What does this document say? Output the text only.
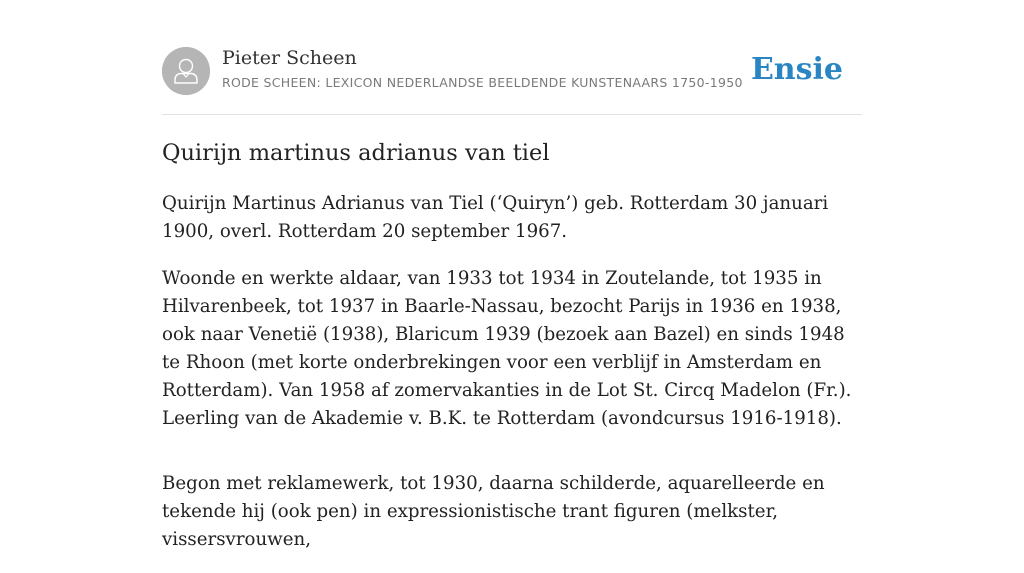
Pieter Scheen
RODE SCHEEN: LEXICON NEDERLANDSE BEELDENDE KUNSTENAARS 1750-1950 Ensie
Quirijn martinus adrianus van tiel

Quirijn Martinus Adrianus van Tiel (‘Quiryn’) geb. Rotterdam 30 januari 1900, overl. Rotterdam 20 september 1967.

Woonde en werkte aldaar, van 1933 tot 1934 in Zoutelande, tot 1935 in Hilvarenbeek, tot 1937 in Baarle-Nassau, bezocht Parijs in 1936 en 1938, ook naar Venetië (1938), Blaricum 1939 (bezoek aan Bazel) en sinds 1948 te Rhoon (met korte onderbrekingen voor een verblijf in Amsterdam en Rotterdam). Van 1958 af zomervakanties in de Lot St. Circq Madelon (Fr.). Leerling van de Akademie v. B.K. te Rotterdam (avondcursus 1916-1918).

Begon met reklamewerk, tot 1930, daarna schilderde, aquarelleerde en tekende hij (ook pen) in expressionistische trant figuren (melkster, vissersvrouwen,
